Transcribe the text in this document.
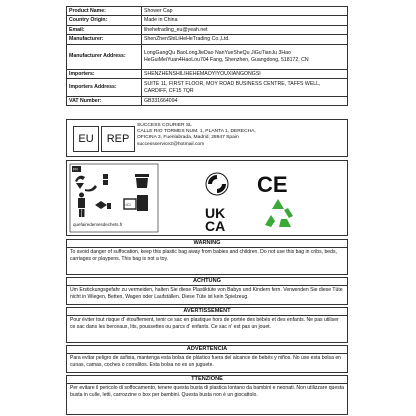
Product Name:	Shower Cap
Country Origin:	Made in China
Email:	lihehetrading_eu@yeah.net
Manufacturer:	ShenZhenShiLiHeHeTrading Co.,Ltd.
Manufacturer Address:	LongGangQu BaoLongJieDao NanYueSheQu JiGuTianJu 3Hao HeGuiMeiYuan4HaoLou704 Fang, Shenzhen, Guangdong, 518172, CN
Importers:	SHENZHENSHILIHEHEMAOYIYOUXIANGONGSI
Importers Address:	SUITE 11, FIRST FLOOR, MOY ROAD BUSINESS CENTRE, TAFFS WELL, CARDIFF, CF15 7QR
VAT Number:	GB331664094
EU	REP
SUCCESS COURIER SL
CALLE RIO TORMES NUM. 1, PLANTA 1, DERECHA,
OFICINA 3, Fuenlabrada, Madrid, 28947 Spain
successservice2@hotmail.com
FR
ICI
quefairedemesdechets.fr
CE
UK
CA
WARNING
To avoid danger of suffocation, keep this plastic bag away from babies and children. Do not use this bag in cribs, beds, carriages or playpens. This bag is not a toy.
ACHTUNG
Um Erstickungsgefahr zu vermeiden, halten Sie diese Plastiktüte von Babys und Kindern fern. Verwenden Sie diese Tüte nicht in Wiegen, Betten, Wagen oder Laufställen. Diese Tüte ist kein Spielzeug.
AVERTISSEMENT
Pour éviter tout risque d' étouffement, tenir ce sac en plastique hors de portée des bébés et des enfants. Ne pas utiliser ce sac dans les berceaux, lits, poussettes ou parcs d' enfants. Ce sac n' est pas un jouet.
ADVERTENCIA
Para evitar peligro de asfixia, mantenga esta bolsa de plástico fuera del alcance de bebés y niños. No use esta bolsa en cunas, camas, coches o corralitos. Esta bolsa no es un juguete.
TTENZIONE
Per evitare il pericolo di soffocamento, tenere questa busta di plastica lontano da bambini e neonati. Non utilizzare questa busta in culle, letti, carrozzine o box per bambini. Questa busta non è un giocattolo.
